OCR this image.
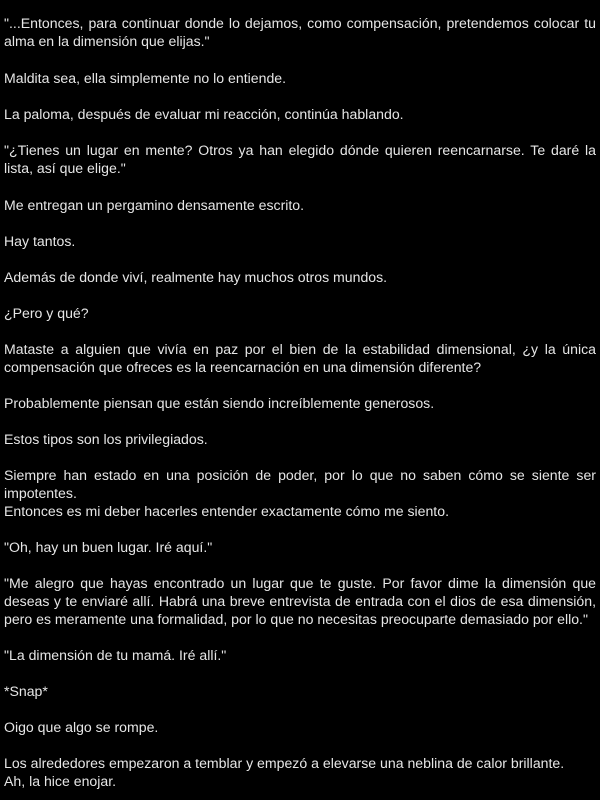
"...Entonces, para continuar donde lo dejamos, como compensación, pretendemos colocar tu alma en la dimensión que elijas."

Maldita sea, ella simplemente no lo entiende.

La paloma, después de evaluar mi reacción, continúa hablando.

"¿Tienes un lugar en mente? Otros ya han elegido dónde quieren reencarnarse. Te daré la lista, así que elige."

Me entregan un pergamino densamente escrito.

Hay tantos.

Además de donde viví, realmente hay muchos otros mundos.

¿Pero y qué?

Mataste a alguien que vivía en paz por el bien de la estabilidad dimensional, ¿y la única compensación que ofreces es la reencarnación en una dimensión diferente?

Probablemente piensan que están siendo increíblemente generosos.

Estos tipos son los privilegiados.

Siempre han estado en una posición de poder, por lo que no saben cómo se siente ser impotentes.

Entonces es mi deber hacerles entender exactamente cómo me siento.

"Oh, hay un buen lugar. Iré aquí."

"Me alegro que hayas encontrado un lugar que te guste. Por favor dime la dimensión que deseas y te enviaré allí. Habrá una breve entrevista de entrada con el dios de esa dimensión, pero es meramente una formalidad, por lo que no necesitas preocuparte demasiado por ello."

"La dimensión de tu mamá. Iré allí."

*Snap*

Oigo que algo se rompe.

Los alrededores empezaron a temblar y empezó a elevarse una neblina de calor brillante.

Ah, la hice enojar.
